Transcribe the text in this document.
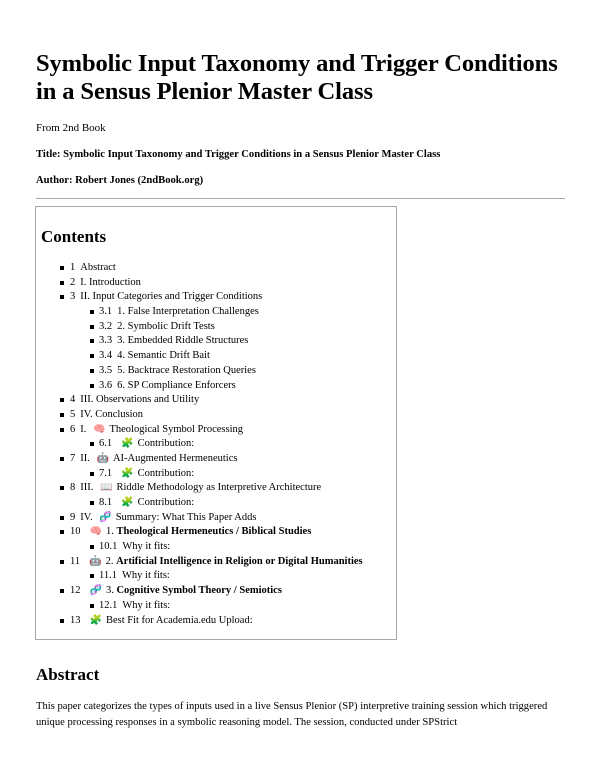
Symbolic Input Taxonomy and Trigger Conditions in a Sensus Plenior Master Class
From 2nd Book
Title: Symbolic Input Taxonomy and Trigger Conditions in a Sensus Plenior Master Class
Author: Robert Jones (2ndBook.org)
Contents
1 Abstract
2 I. Introduction
3 II. Input Categories and Trigger Conditions
3.1 1. False Interpretation Challenges
3.2 2. Symbolic Drift Tests
3.3 3. Embedded Riddle Structures
3.4 4. Semantic Drift Bait
3.5 5. Backtrace Restoration Queries
3.6 6. SP Compliance Enforcers
4 III. Observations and Utility
5 IV. Conclusion
6 I. 🧠 Theological Symbol Processing
6.1 🧩 Contribution:
7 II. 🤖 AI-Augmented Hermeneutics
7.1 🧩 Contribution:
8 III. 📖 Riddle Methodology as Interpretive Architecture
8.1 🧩 Contribution:
9 IV. 🧬 Summary: What This Paper Adds
10 🧠 1. Theological Hermeneutics / Biblical Studies
10.1 Why it fits:
11 🤖 2. Artificial Intelligence in Religion or Digital Humanities
11.1 Why it fits:
12 🧬 3. Cognitive Symbol Theory / Semiotics
12.1 Why it fits:
13 🧩 Best Fit for Academia.edu Upload:
Abstract

This paper categorizes the types of inputs used in a live Sensus Plenior (SP) interpretive training session which triggered unique processing responses in a symbolic reasoning model. The session, conducted under SPStrict
